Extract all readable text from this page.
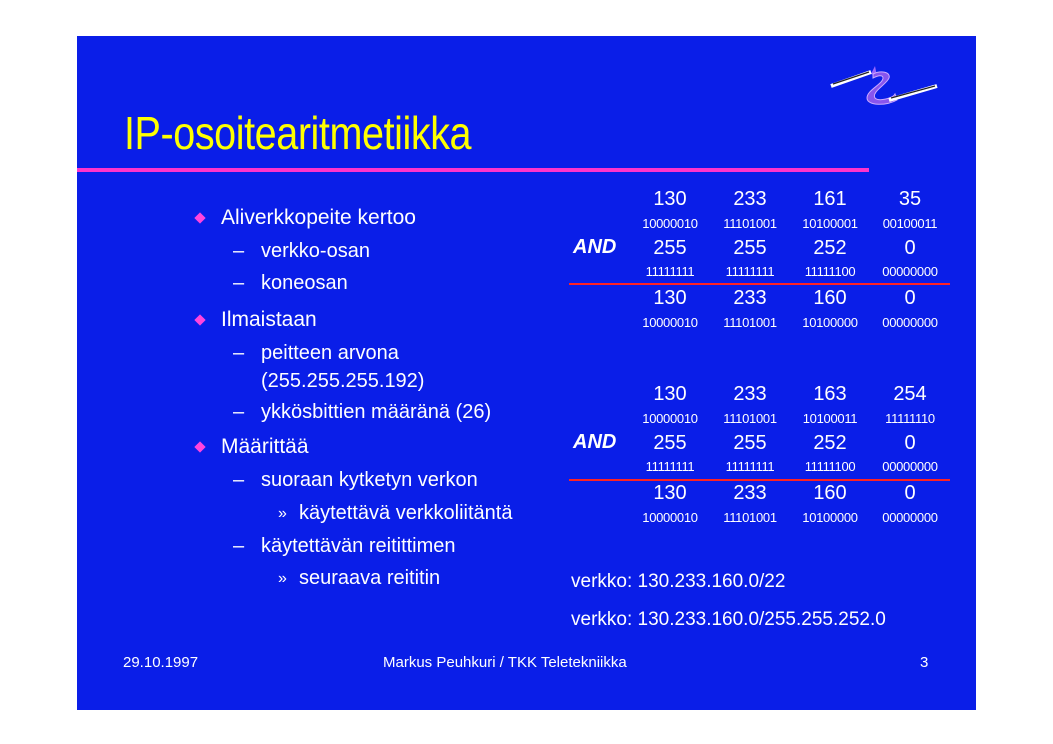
IP-osoitearitmetiikka
Aliverkkopeite kertoo
– verkko-osan
– koneosan
Ilmaistaan
– peitteen arvona
(255.255.255.192)
– ykkösbittien määränä (26)
Määrittää
– suoraan kytketyn verkon
» käytettävä verkkoliitäntä
– käytettävän reitittimen
» seuraava reititin
130	233	161	35
10000010	11101001	10100001	00100011
AND	255	255	252	0
11111111	11111111	11111100	00000000
130	233	160	0
10000010	11101001	10100000	00000000
130	233	163	254
10000010	11101001	10100011	11111110
AND	255	255	252	0
11111111	11111111	11111100	00000000
130	233	160	0
10000010	11101001	10100000	00000000
verkko: 130.233.160.0/22
verkko: 130.233.160.0/255.255.252.0
29.10.1997	Markus Peuhkuri / TKK Teletekniikka	3
